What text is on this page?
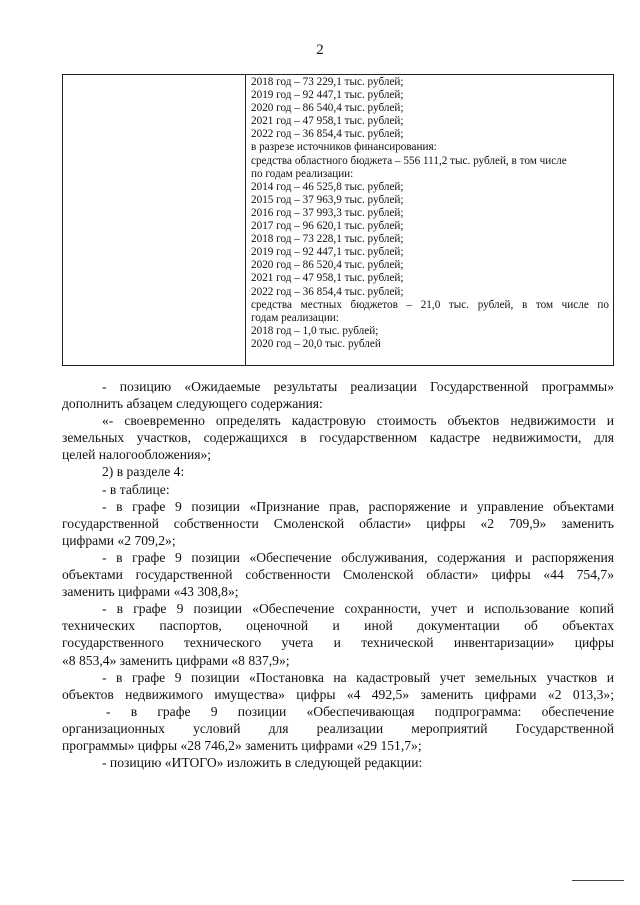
2

2018 год – 73 229,1 тыс. рублей;
2019 год – 92 447,1 тыс. рублей;
2020 год – 86 540,4 тыс. рублей;
2021 год – 47 958,1 тыс. рублей;
2022 год – 36 854,4 тыс. рублей;
в разрезе источников финансирования:
средства областного бюджета – 556 111,2 тыс. рублей, в том числе
по годам реализации:
2014 год – 46 525,8 тыс. рублей;
2015 год – 37 963,9 тыс. рублей;
2016 год – 37 993,3 тыс. рублей;
2017 год – 96 620,1 тыс. рублей;
2018 год – 73 228,1 тыс. рублей;
2019 год – 92 447,1 тыс. рублей;
2020 год – 86 520,4 тыс. рублей;
2021 год – 47 958,1 тыс. рублей;
2022 год – 36 854,4 тыс. рублей;
средства местных бюджетов – 21,0 тыс. рублей, в том числе по
годам реализации:
2018 год – 1,0 тыс. рублей;
2020 год – 20,0 тыс. рублей

- позицию «Ожидаемые результаты реализации Государственной программы»

дополнить абзацем следующего содержания:

«- своевременно определять кадастровую стоимость объектов недвижимости и

земельных участков, содержащихся в государственном кадастре недвижимости, для

целей налогообложения»;

2) в разделе 4:

- в таблице:

- в графе 9 позиции «Признание прав, распоряжение и управление объектами

государственной собственности Смоленской области» цифры «2 709,9» заменить

цифрами «2 709,2»;

- в графе 9 позиции «Обеспечение обслуживания, содержания и распоряжения

объектами государственной собственности Смоленской области» цифры «44 754,7»

заменить цифрами «43 308,8»;

- в графе 9 позиции «Обеспечение сохранности, учет и использование копий

технических паспортов, оценочной и иной документации об объектах

государственного технического учета и технической инвентаризации» цифры

«8 853,4» заменить цифрами «8 837,9»;

- в графе 9 позиции «Постановка на кадастровый учет земельных участков и

объектов недвижимого имущества» цифры «4 492,5» заменить цифрами «2 013,3»;

- в графе 9 позиции «Обеспечивающая подпрограмма: обеспечение

организационных условий для реализации мероприятий Государственной

программы» цифры «28 746,2» заменить цифрами «29 151,7»;

- позицию «ИТОГО» изложить в следующей редакции:
